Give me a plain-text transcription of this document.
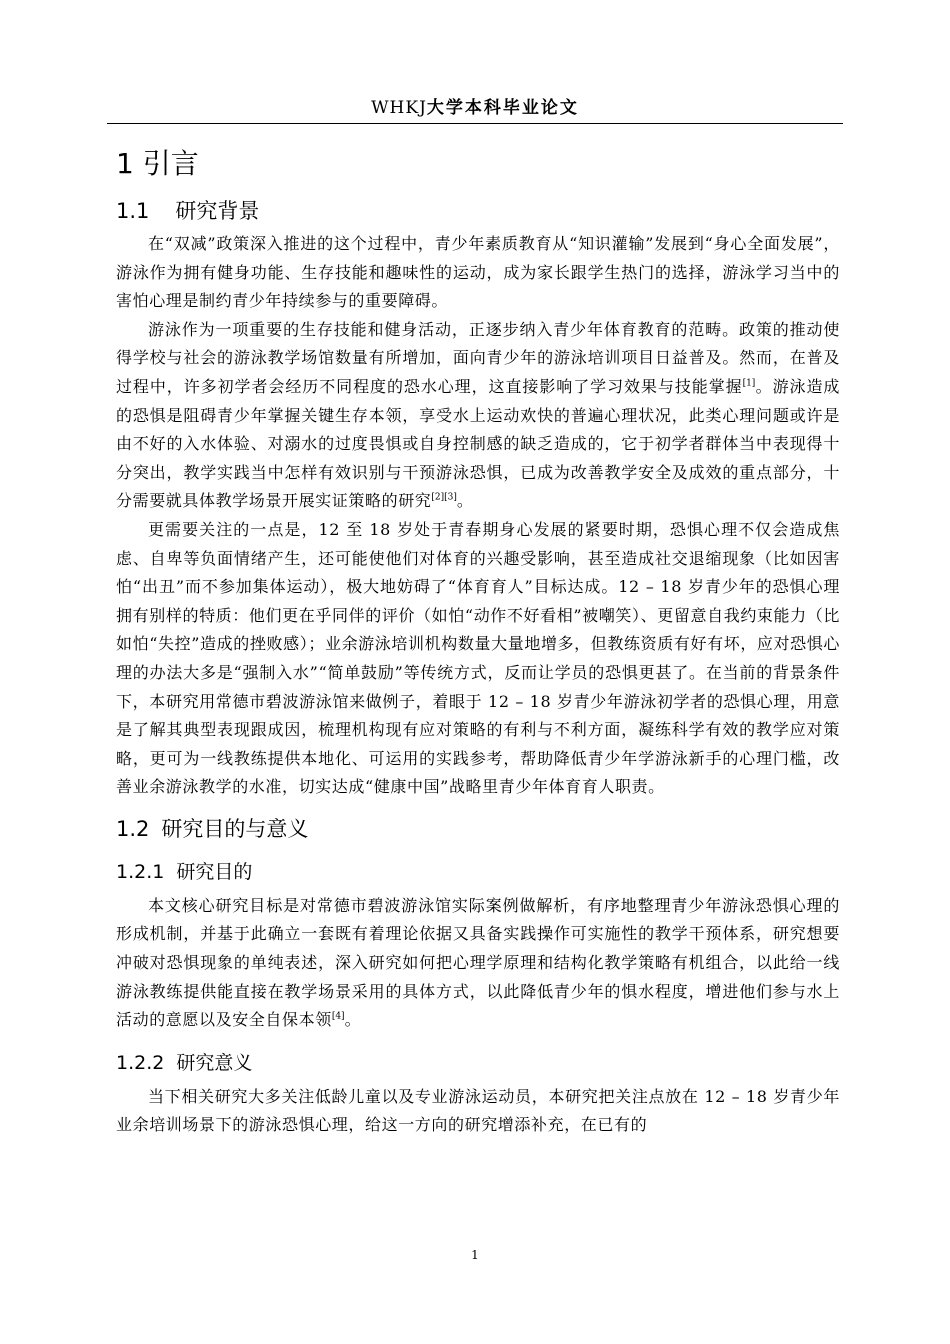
WHKJ大学本科毕业论文
1 引言
1.1 研究背景

在“双减”政策深入推进的这个过程中，青少年素质教育从“知识灌输”发展到“身心全面发展”，游泳作为拥有健身功能、生存技能和趣味性的运动，成为家长跟学生热门的选择，游泳学习当中的害怕心理是制约青少年持续参与的重要障碍。

游泳作为一项重要的生存技能和健身活动，正逐步纳入青少年体育教育的范畴。政策的推动使得学校与社会的游泳教学场馆数量有所增加，面向青少年的游泳培训项目日益普及。然而，在普及过程中，许多初学者会经历不同程度的恐水心理，这直接影响了学习效果与技能掌握[1]。游泳造成的恐惧是阻碍青少年掌握关键生存本领，享受水上运动欢快的普遍心理状况，此类心理问题或许是由不好的入水体验、对溺水的过度畏惧或自身控制感的缺乏造成的，它于初学者群体当中表现得十分突出，教学实践当中怎样有效识别与干预游泳恐惧，已成为改善教学安全及成效的重点部分，十分需要就具体教学场景开展实证策略的研究[2][3]。

更需要关注的一点是，12 至 18 岁处于青春期身心发展的紧要时期，恐惧心理不仅会造成焦虑、自卑等负面情绪产生，还可能使他们对体育的兴趣受影响，甚至造成社交退缩现象（比如因害怕“出丑”而不参加集体运动），极大地妨碍了“体育育人”目标达成。12 – 18 岁青少年的恐惧心理拥有别样的特质：他们更在乎同伴的评价（如怕“动作不好看相”被嘲笑）、更留意自我约束能力（比如怕“失控”造成的挫败感）；业余游泳培训机构数量大量地增多，但教练资质有好有坏，应对恐惧心理的办法大多是“强制入水”“简单鼓励”等传统方式，反而让学员的恐惧更甚了。在当前的背景条件下，本研究用常德市碧波游泳馆来做例子，着眼于 12 – 18 岁青少年游泳初学者的恐惧心理，用意是了解其典型表现跟成因，梳理机构现有应对策略的有利与不利方面，凝练科学有效的教学应对策略，更可为一线教练提供本地化、可运用的实践参考，帮助降低青少年学游泳新手的心理门槛，改善业余游泳教学的水准，切实达成“健康中国”战略里青少年体育育人职责。

1.2 研究目的与意义
1.2.1 研究目的

本文核心研究目标是对常德市碧波游泳馆实际案例做解析，有序地整理青少年游泳恐惧心理的形成机制，并基于此确立一套既有着理论依据又具备实践操作可实施性的教学干预体系，研究想要冲破对恐惧现象的单纯表述，深入研究如何把心理学原理和结构化教学策略有机组合，以此给一线游泳教练提供能直接在教学场景采用的具体方式，以此降低青少年的惧水程度，增进他们参与水上活动的意愿以及安全自保本领[4]。

1.2.2 研究意义

当下相关研究大多关注低龄儿童以及专业游泳运动员，本研究把关注点放在 12 – 18 岁青少年业余培训场景下的游泳恐惧心理，给这一方向的研究增添补充，在已有的

1
